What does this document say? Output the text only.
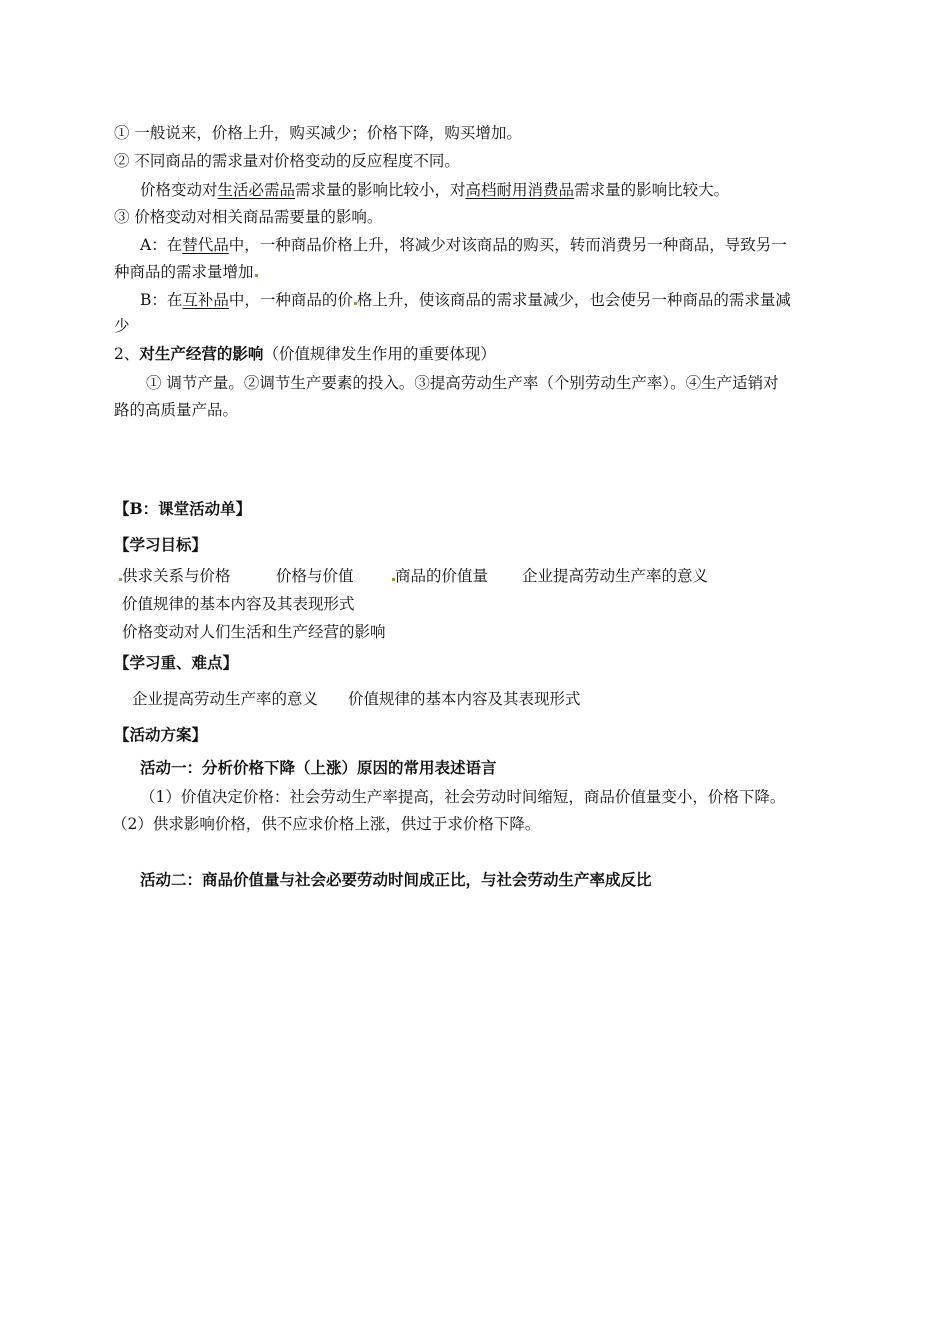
① 一般说来，价格上升，购买减少；价格下降，购买增加。
② 不同商品的需求量对价格变动的反应程度不同。
价格变动对生活必需品需求量的影响比较小，对高档耐用消费品需求量的影响比较大。
③ 价格变动对相关商品需要量的影响。
A：在替代品中，一种商品价格上升，将减少对该商品的购买，转而消费另一种商品，导致另一
种商品的需求量增加
B：在互补品中，一种商品的价 格上升，使该商品的需求量减少，也会使另一种商品的需求量减
少
2、对生产经营的影响（价值规律发生作用的重要体现）
① 调节产量。②调节生产要素的投入。③提高劳动生产率（个别劳动生产率）。④生产适销对
路的高质量产品。
【B：课堂活动单】
【学习目标】
供求关系与价格	价格与价值	商品的价值量 企业提高劳动生产率的意义
价值规律的基本内容及其表现形式
价格变动对人们生活和生产经营的影响
【学习重、难点】
企业提高劳动生产率的意义 价值规律的基本内容及其表现形式
【活动方案】
活动一：分析价格下降（上涨）原因的常用表述语言
（1）价值决定价格：社会劳动生产率提高，社会劳动时间缩短，商品价值量变小，价格下降。
（2）供求影响价格，供不应求价格上涨，供过于求价格下降。
活动二：商品价值量与社会必要劳动时间成正比，与社会劳动生产率成反比
